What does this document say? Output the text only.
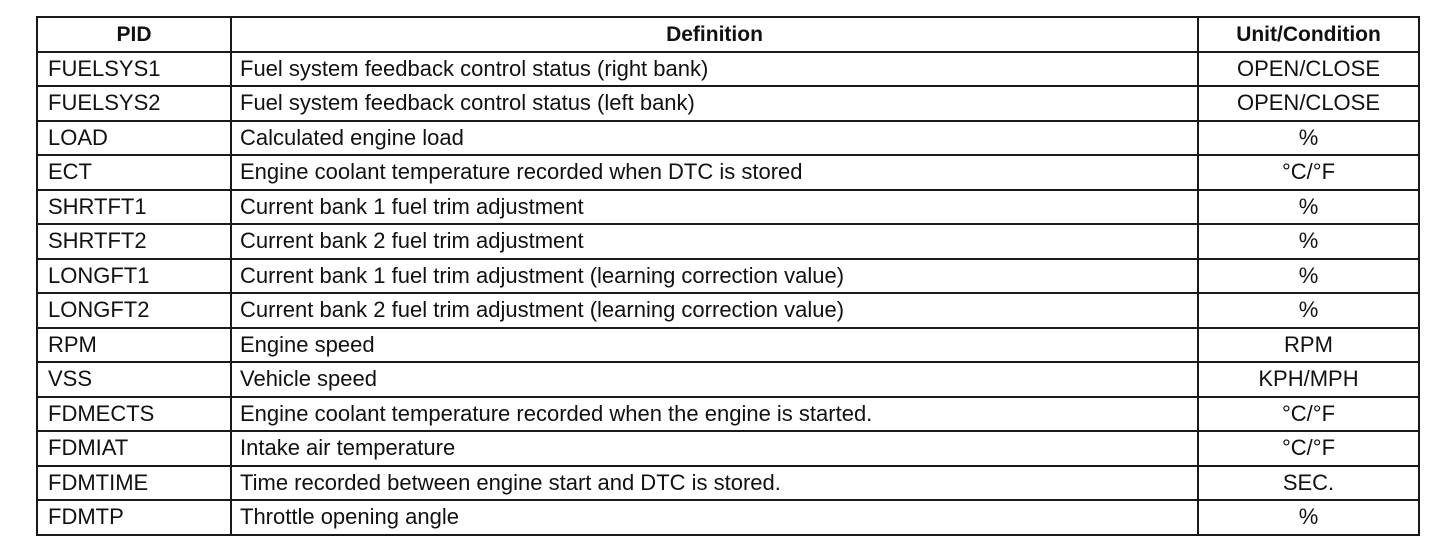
PID	Definition	Unit/Condition
FUELSYS1	Fuel system feedback control status (right bank)	OPEN/CLOSE
FUELSYS2	Fuel system feedback control status (left bank)	OPEN/CLOSE
LOAD	Calculated engine load	%
ECT	Engine coolant temperature recorded when DTC is stored	°C/°F
SHRTFT1	Current bank 1 fuel trim adjustment	%
SHRTFT2	Current bank 2 fuel trim adjustment	%
LONGFT1	Current bank 1 fuel trim adjustment (learning correction value)	%
LONGFT2	Current bank 2 fuel trim adjustment (learning correction value)	%
RPM	Engine speed	RPM
VSS	Vehicle speed	KPH/MPH
FDMECTS	Engine coolant temperature recorded when the engine is started.	°C/°F
FDMIAT	Intake air temperature	°C/°F
FDMTIME	Time recorded between engine start and DTC is stored.	SEC.
FDMTP	Throttle opening angle	%
